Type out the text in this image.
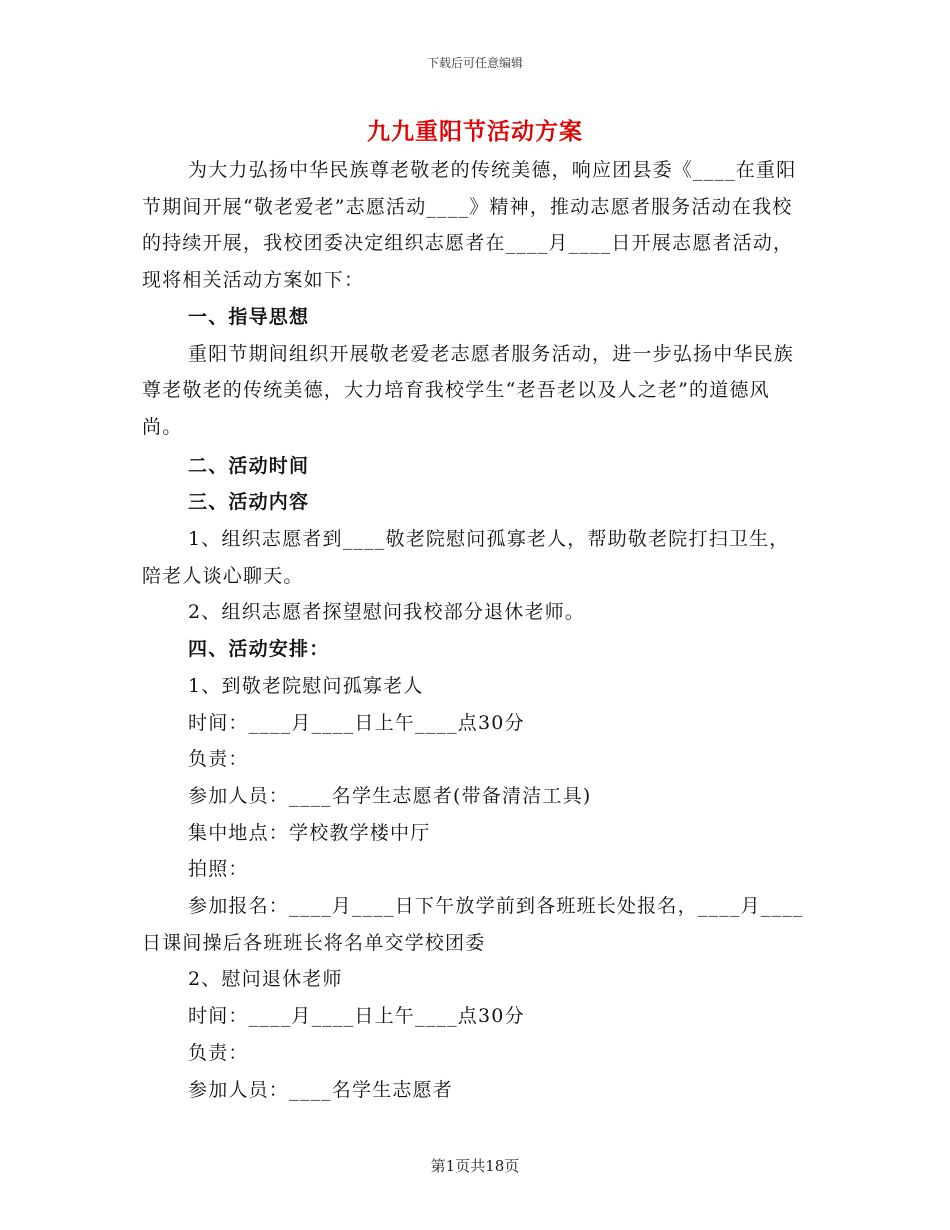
下载后可任意编辑
九九重阳节活动方案

为大力弘扬中华民族尊老敬老的传统美德，响应团县委《____在重阳节期间开展“敬老爱老”志愿活动____》精神，推动志愿者服务活动在我校的持续开展，我校团委决定组织志愿者在____月____日开展志愿者活动，现将相关活动方案如下：

一、指导思想

重阳节期间组织开展敬老爱老志愿者服务活动，进一步弘扬中华民族尊老敬老的传统美德，大力培育我校学生“老吾老以及人之老”的道德风尚。

二、活动时间

三、活动内容

1、组织志愿者到____敬老院慰问孤寡老人，帮助敬老院打扫卫生，陪老人谈心聊天。

2、组织志愿者探望慰问我校部分退休老师。

四、活动安排：

1、到敬老院慰问孤寡老人

时间：____月____日上午____点30分

负责：

参加人员：____名学生志愿者(带备清洁工具)

集中地点：学校教学楼中厅

拍照：

参加报名：____月____日下午放学前到各班班长处报名，____月____日课间操后各班班长将名单交学校团委

2、慰问退休老师

时间：____月____日上午____点30分

负责：

参加人员：____名学生志愿者

第1页共18页
